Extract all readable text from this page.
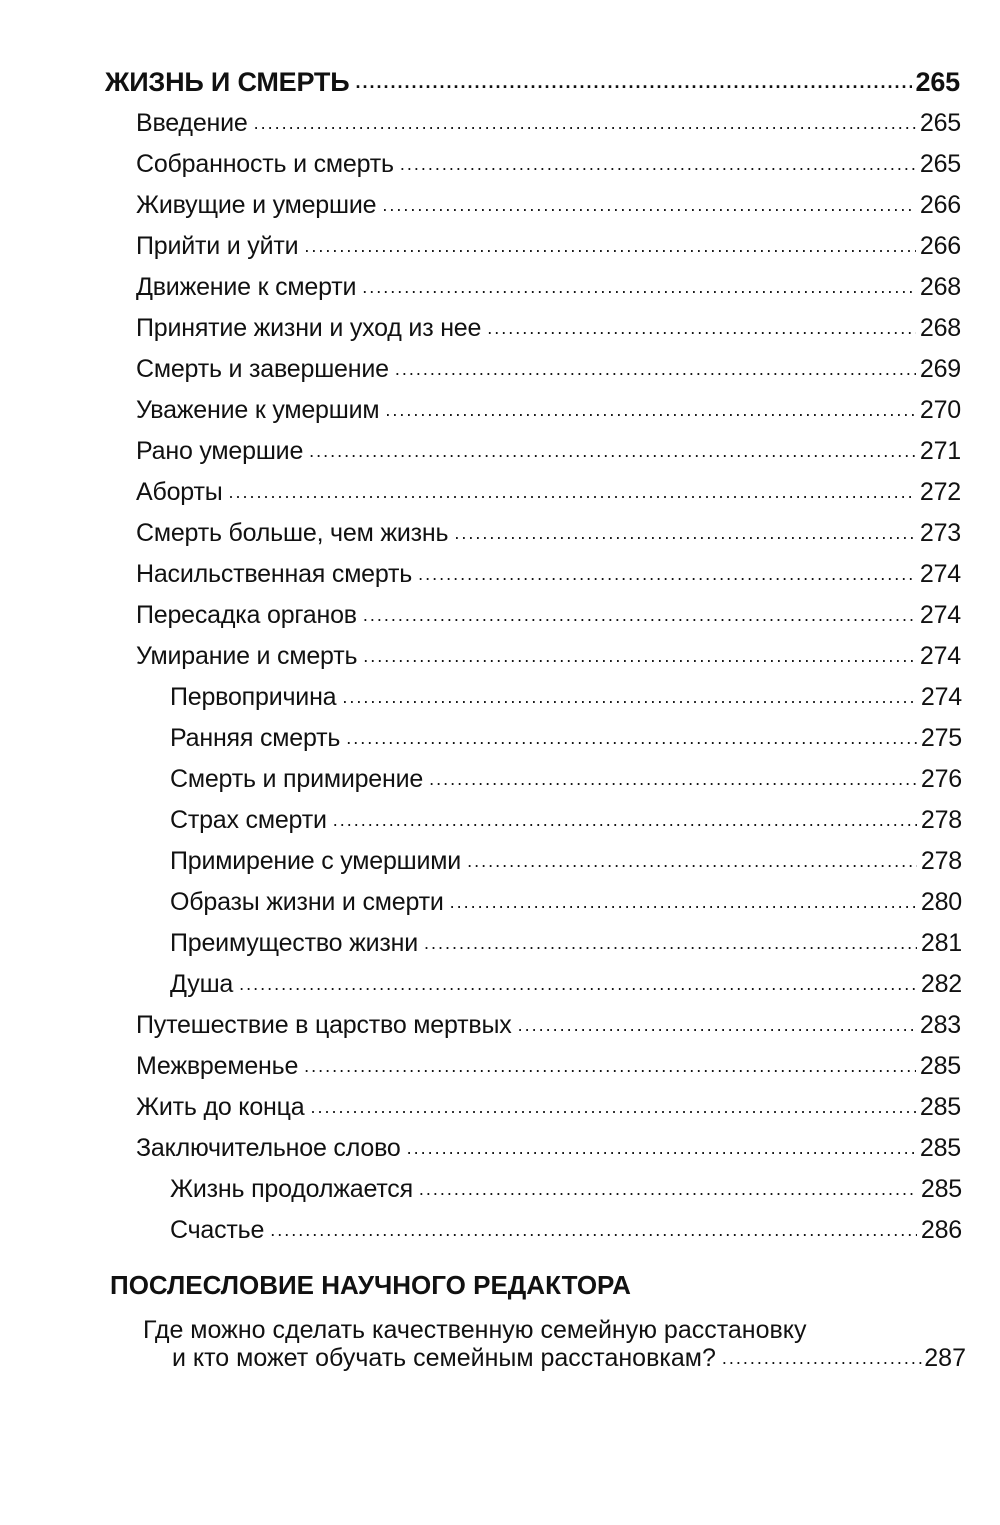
ЖИЗНЬ И СМЕРТЬ .....	265
Введение .....	265
Собранность и смерть .....	265
Живущие и умершие .....	266
Прийти и уйти .....	266
Движение к смерти .....	268
Принятие жизни и уход из нее .....	268
Смерть и завершение .....	269
Уважение к умершим .....	270
Рано умершие .....	271
Аборты .....	272
Смерть больше, чем жизнь .....	273
Насильственная смерть .....	274
Пересадка органов .....	274
Умирание и смерть .....	274
Первопричина .....	274
Ранняя смерть .....	275
Смерть и примирение .....	276
Страх смерти .....	278
Примирение с умершими .....	278
Образы жизни и смерти .....	280
Преимущество жизни .....	281
Душа .....	282
Путешествие в царство мертвых .....	283
Межвременье .....	285
Жить до конца .....	285
Заключительное слово .....	285
Жизнь продолжается .....	285
Счастье .....	286
ПОСЛЕСЛОВИЕ НАУЧНОГО РЕДАКТОРА
Где можно сделать качественную семейную расстановку
и кто может обучать семейным расстановкам? .....	287
